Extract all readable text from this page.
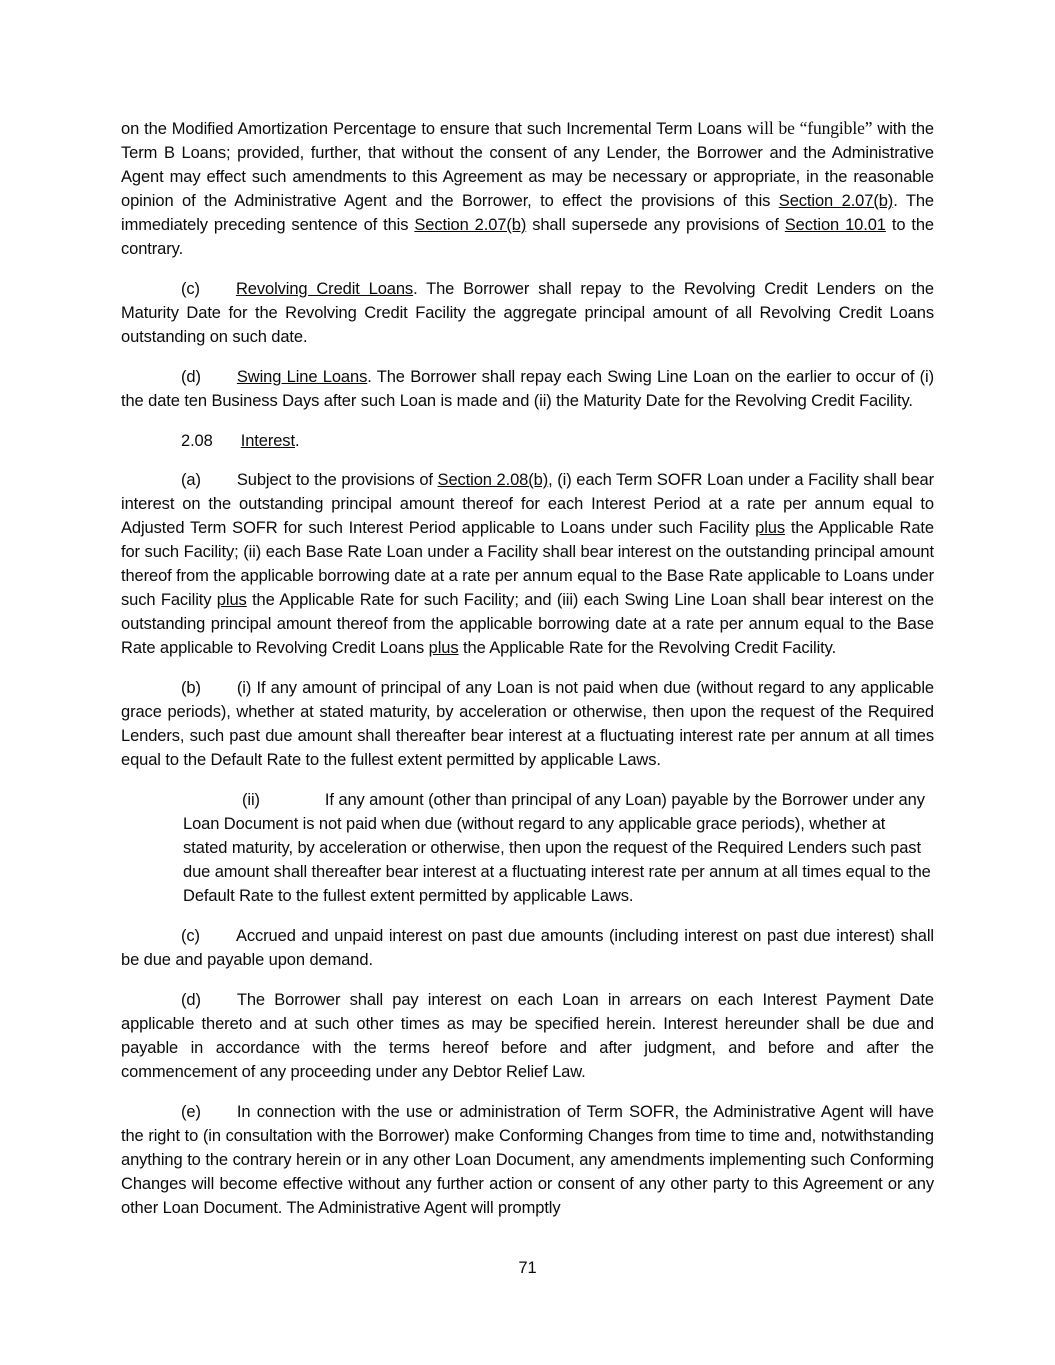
on the Modified Amortization Percentage to ensure that such Incremental Term Loans will be “fungible” with the Term B Loans; provided, further, that without the consent of any Lender, the Borrower and the Administrative Agent may effect such amendments to this Agreement as may be necessary or appropriate, in the reasonable opinion of the Administrative Agent and the Borrower, to effect the provisions of this Section 2.07(b). The immediately preceding sentence of this Section 2.07(b) shall supersede any provisions of Section 10.01 to the contrary.

(c) Revolving Credit Loans. The Borrower shall repay to the Revolving Credit Lenders on the Maturity Date for the Revolving Credit Facility the aggregate principal amount of all Revolving Credit Loans outstanding on such date.

(d) Swing Line Loans. The Borrower shall repay each Swing Line Loan on the earlier to occur of (i) the date ten Business Days after such Loan is made and (ii) the Maturity Date for the Revolving Credit Facility.

2.08 Interest.

(a) Subject to the provisions of Section 2.08(b), (i) each Term SOFR Loan under a Facility shall bear interest on the outstanding principal amount thereof for each Interest Period at a rate per annum equal to Adjusted Term SOFR for such Interest Period applicable to Loans under such Facility plus the Applicable Rate for such Facility; (ii) each Base Rate Loan under a Facility shall bear interest on the outstanding principal amount thereof from the applicable borrowing date at a rate per annum equal to the Base Rate applicable to Loans under such Facility plus the Applicable Rate for such Facility; and (iii) each Swing Line Loan shall bear interest on the outstanding principal amount thereof from the applicable borrowing date at a rate per annum equal to the Base Rate applicable to Revolving Credit Loans plus the Applicable Rate for the Revolving Credit Facility.

(b) (i) If any amount of principal of any Loan is not paid when due (without regard to any applicable grace periods), whether at stated maturity, by acceleration or otherwise, then upon the request of the Required Lenders, such past due amount shall thereafter bear interest at a fluctuating interest rate per annum at all times equal to the Default Rate to the fullest extent permitted by applicable Laws.

(ii)	If any amount (other than principal of any Loan) payable by the Borrower under any Loan Document is not paid when due (without regard to any applicable grace periods), whether at stated maturity, by acceleration or otherwise, then upon the request of the Required Lenders such past due amount shall thereafter bear interest at a fluctuating interest rate per annum at all times equal to the Default Rate to the fullest extent permitted by applicable Laws.

(c) Accrued and unpaid interest on past due amounts (including interest on past due interest) shall be due and payable upon demand.

(d) The Borrower shall pay interest on each Loan in arrears on each Interest Payment Date applicable thereto and at such other times as may be specified herein. Interest hereunder shall be due and payable in accordance with the terms hereof before and after judgment, and before and after the commencement of any proceeding under any Debtor Relief Law.

(e) In connection with the use or administration of Term SOFR, the Administrative Agent will have the right to (in consultation with the Borrower) make Conforming Changes from time to time and, notwithstanding anything to the contrary herein or in any other Loan Document, any amendments implementing such Conforming Changes will become effective without any further action or consent of any other party to this Agreement or any other Loan Document. The Administrative Agent will promptly

71
